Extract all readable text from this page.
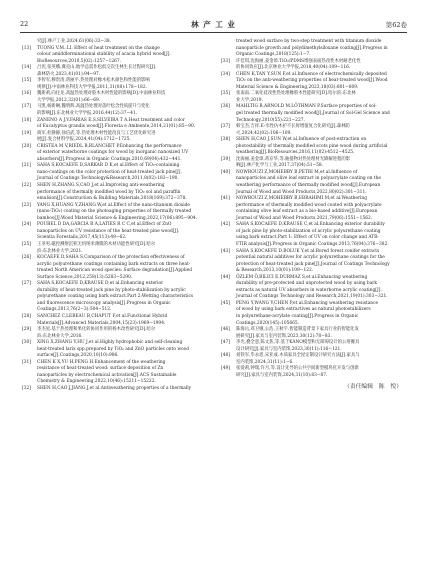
22	林 产 工 业	第62卷
究[J].林产工业,2024,61(06):33−38.
[13]	TUONG V.M.,LI. Effect of heat treatment on the change
colour amiddlerminational stability of acacia hybrid wood[J].
BioResources,2010,5(02):1257−1267.
[14]	吕宪,张英娥,冀克山.地学总需作松低交次生林生长过程研究[J].
森林防火,2023,41(01):94−97.
[15]	李智军,穆贵清,蒋丽平.热处理对橡木松木颜色和性能的影响
规律[J].中南林业科技大学学报,2011,31(08):178−182.
[16]	魏新莉,向往龙.高温热处理对胶木木材性能的影响[D].中南林业科技
大学学报,2012,32(01):66−69.
[17]	马凯,杨新娴,魏明辉.高温热处理对落叶松含性质提升与变化
的影响[J].东北林业大学学报,2016,44(12):37−41.
[18]	ZANENO A J,V.FARIAS E.S,SILVEIRA T A.Heat treatment and color
of Eucalyptus grandis wood[J].Floresta e Ambiente,2014,21(01):85−90.
[19]	商军,杜静静,徐信武,等.热处理木材性能改良与工艺优化研究进
展[J].复合材料学报,2024,41(04):1712−1725.
[20]	CRISTEA M V,RIEDL B,BLANCHET P.Enhancing the performance
of exterior waterborne coatings for wood by inorganic nanosized UV
absorbers[J].Progress in Organic Coatings,2010,69(04):432−441.
[21]	SAHA S,KOCAEFE D,SARKAR D K,et al.Effect of TiO₂-containing
nano-coatings on the color protection of heat-treated jack pine[J].
Journal of Coatings Technology&Research,2011,8(02):183−190.
[22]	SHEN H,ZHANG S,CAO J,et al.Improving anti-weathering
performance of thermally modified wood by TiO₂ sol and paraffin
emulsion[J].Construction & Building Materials,2018(169):372−378.
[23]	YANG X,HUANG Y,ZHANG W,et al.Effect of the nano-titanium dioxide
(nano-TiO₂) coating on the photoaging properties of thermally treated
bamboo[J].Wood Material Science & Engineering,2022,17(06):895−904.
[24]	POUBEL D DA,GARCIA R A,LATIES R C C,et al.Effect of ZnO
nanoparticles on UV resistance of the heat-treated pine wood[J].
Scientia Forestalis,2017,45(113):49−62.
[25]	王亚男.磁控溅射沉积无机纳米薄膜的木材功能性研究[D].哈尔
滨:东北林业大学,2021.
[26]	KOCAEFE D,SAHA S,Comparison of the protection effectiveness of
acrylic polyurethane coatings containing bark extracts on three heat-
treated North American wood species: Surface degradation[J].Applied
Surface Science,2012,258(13):5283−5290.
[27]	SAHA S,KOCAEFE D,KRAUSE D,et al.Enhancing exterior
durability of heat-treated jack pine by photo-stabilization by acrylic
polyurethane coating using bark extract.Part 2:Wetting characteristics
and fluorescence microscopy analysis[J].Progress in Organic
Coatings,2013,76(2−3):504−512.
[28]	SANCHEZ C,LEBEAU B,CHAPUT F,et al.Functional Hybrid
Materials[J].Advanced Materials,2004,15(23):1969−1994.
[29]	李杰星.基于热处理和果化转协同作用的杨木改性研究[D].哈尔
滨:东北林业大学,2016.
[30]	XING X,ZHANG Y,HU J,et al.Highly hydrophobic and self-cleaning
heat-treated larix spp.prepared by TiO₂ and ZnO particles onto wood
surface[J].Coatings,2020,10(10):986.
[31]	CHEN K X,YU H,PENG H.Enhancement of the weathering
resistance of heat-treated wood: surface deposition of Zn
nanoparticles by electrochemical activation[J].ACS Sustainable
Chemistry & Engineering,2022,10(46):15211−15222.
[32]	SHEN H,CAO J,JIANG J,et al.Antiweathering properties of a thermally
treated wood surface by two-step treatment with titanium dioxide
nanoparticle growth and polydimethylsiloxane coating[J].Progress in
Organic Coatings,2018(125):1−7.
[33]	许佳琪,沈海丽,姜金璋.TiO₂/PDMS增强表面热改性木材耐老化性
的协同效应[J].北京林业大学学报,2018,40(04):109−116.
[34]	CHEN K,TAN Y,SUN F,et al.Influence of electrochemically deposited
TiO₂ on the anti-weathering properties of heat-treated wood[J].Wood
Material Science & Engineering,2023,18(03):801−809.
[35]	张南南.二氧化硅改性热处理橡胶木性能研究[D].哈尔滨:东北林
业大学,2019.
[36]	MAHLTIG B,ARNOLD M,LÖTHMAN P.Surface properties of sol-
gel treated thermally modified wood[J].Journal of Sol-Gel Science and
Technology,2010(55):221−227.
[37]	韩宝杰,吉祥.E-水性仿木护不长时增值复合化研究[J].森林防
火,2024,42(02):106−109.
[38]	SHEN H,CAO J,SUN W,et al.Influence of post-extraction on
photostability of thermally modified scots pine wood during artificial
weathering[J].BioResources,2016,11(02):4512−4525.
[39]	沈海丽,姜金璋,蒋京华,等.抽提物对热处理材光降解进程的影
响[J].林产化学与工业,2017,37(04):51−58.
[40]	NOWROUZI Z,MOHEBBY B,PETRI M,et al.Influence of
nanoparticles and olive leaf extract in polyacrylate coating on the
weathering performance of thermally modified wood[J].European
Journal of Wood and Wood Products,2022,80(02):301−311.
[41]	NOWROUZI Z,MOHEBBY B,EBRAHIMI M,et al.Weathering
performance of thermally modified wood coated with polyacrylate
containing olive leaf extract as a bio-based additive[J].European
Journal of Wood and Wood Products,2021,79(06):1551−1562.
[42]	SAHA S,KOCAEFE D,KRAUSE C,et al.Enhancing exterior durability
of jack pine by photo-stabilization of acrylic polyurethane coating
using bark extract.Part 1: Effect of UV on color change and ATR-
FTIR analysis[J].Progress in Organic Coatings,2013,76(04):376−382.
[43]	SAHA S,KOCAEFE D,BOLUK Y,et al.Bored forest conifer extracts
potential natural additives for acrylic polyurethane coatings for the
protection of heat-treated jack pine[J].Journal of Coatings Technology
& Research,2013,10(01):109−122.
[44]	ÖZLEM Ö,BILICI E,DURMAZ S,et al.Enhancing weathering
durability of pre-protected and unprotected wood by using bark
extracts as natural UV absorbers in waterborne acrylic coating[J].
Journal of Coatings Technology and Research,2021,19(01):303−321.
[45]	PENG Y,WANG Y,CHEN P,et al.Enhancing weathering resistance
of wood by using bark extractives as natural photostabilizers
in polyurethane-acrylate coating[J].Progress in Organic
Coatings,2020(145):105665.
[46]	陈海岳,邓卫娥,公浩,王秋宇.智能制造背景下家具行业的智能化发
展研究[J].家具与室内装饰,2023,30(12):78−83.
[47]	李光,叠全意,陈文焦,等.基于KANO模型和无障碍设计的公用餐具
设计研究[J].家具与室内装饰,2023,30(11):116−121.
[48]	刘铁军,毕永恩,宋亚成.木质家具全屋定制设计研究方法[J].家具与
室内装饰,2024,31(11):1−6.
[49]	张爱莉,钟瑞,许月,等.设计先导的公共空间新型模块化开发与创新
研究[J].家具与室内装饰,2024,31(10):83−87.
（责任编辑　陈　悦）
